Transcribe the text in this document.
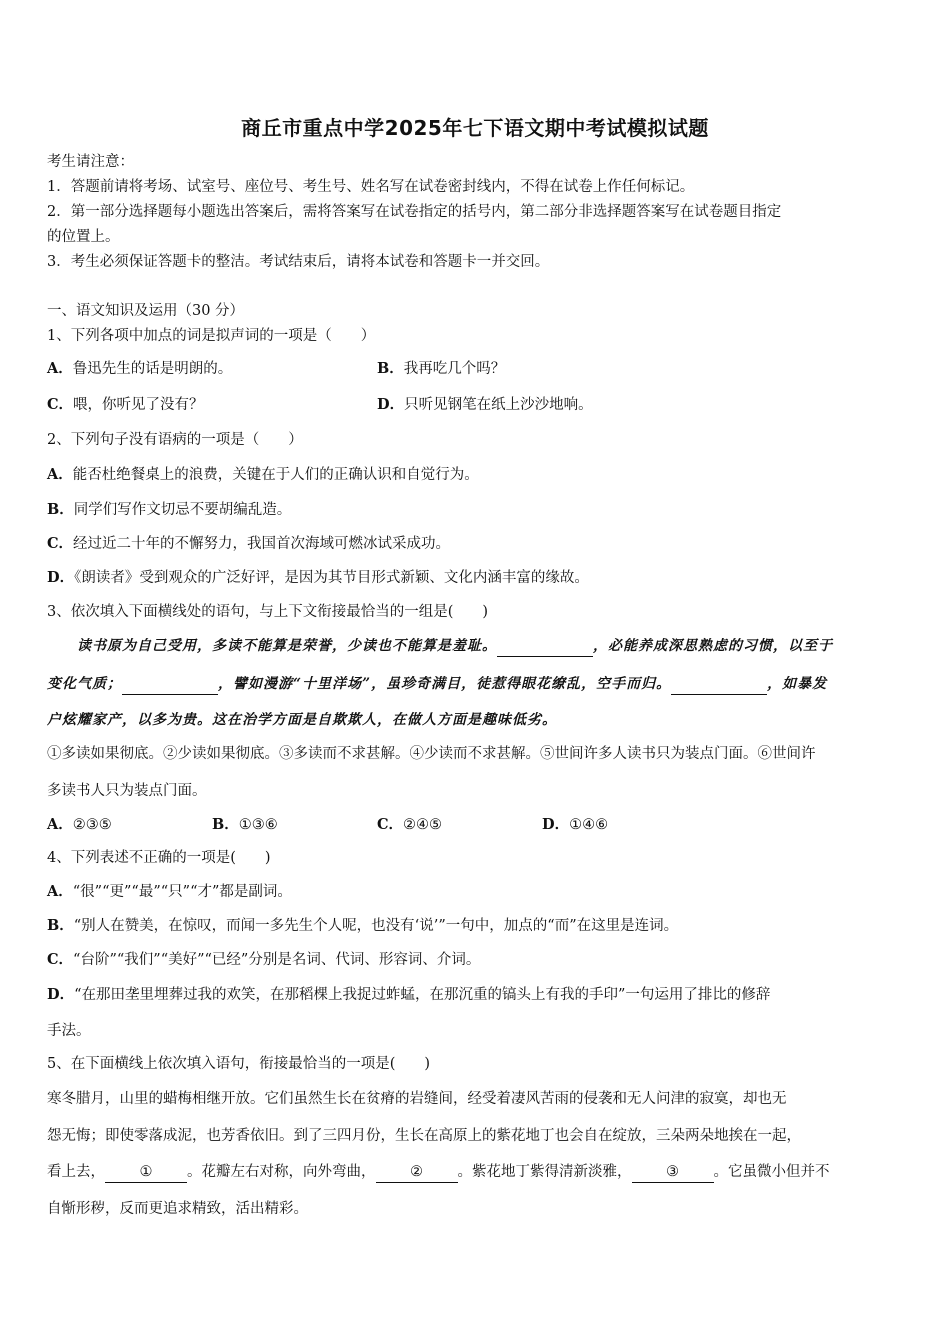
商丘市重点中学2025年七下语文期中考试模拟试题
考生请注意：
1．答题前请将考场、试室号、座位号、考生号、姓名写在试卷密封线内，不得在试卷上作任何标记。
2．第一部分选择题每小题选出答案后，需将答案写在试卷指定的括号内，第二部分非选择题答案写在试卷题目指定
的位置上。
3．考生必须保证答题卡的整洁。考试结束后，请将本试卷和答题卡一并交回。
一、语文知识及运用（30 分）
1、下列各项中加点的词是拟声词的一项是（　　）
A．鲁迅先生的话是明朗的。	B．我再吃几个吗？
C．喂，你听见了没有？	D．只听见钢笔在纸上沙沙地响。
2、下列句子没有语病的一项是（　　）
A．能否杜绝餐桌上的浪费，关键在于人们的正确认识和自觉行为。
B．同学们写作文切忌不要胡编乱造。
C．经过近二十年的不懈努力，我国首次海域可燃冰试采成功。
D．《朗读者》受到观众的广泛好评，是因为其节目形式新颖、文化内涵丰富的缘故。
3、依次填入下面横线处的语句，与上下文衔接最恰当的一组是(　　)
读书原为自己受用，多读不能算是荣誉，少读也不能算是羞耻。	，必能养成深思熟虑的习惯，以至于
变化气质；	，譬如漫游“十里洋场”，虽珍奇满目，徒惹得眼花缭乱，空手而归。	，如暴发
户炫耀家产，以多为贵。这在治学方面是自欺欺人，在做人方面是趣味低劣。
①多读如果彻底。②少读如果彻底。③多读而不求甚解。④少读而不求甚解。⑤世间许多人读书只为装点门面。⑥世间许
多读书人只为装点门面。
A．②③⑤	B．①③⑥	C．②④⑤	D．①④⑥
4、下列表述不正确的一项是(　　)
A．“很”“更”“最”“只”“才”都是副词。
B．“别人在赞美，在惊叹，而闻一多先生个人呢，也没有‘说’”一句中，加点的“而”在这里是连词。
C．“台阶”“我们”“美好”“已经”分别是名词、代词、形容词、介词。
D．“在那田垄里埋葬过我的欢笑，在那稻棵上我捉过蚱蜢，在那沉重的镐头上有我的手印”一句运用了排比的修辞
手法。
5、在下面横线上依次填入语句，衔接最恰当的一项是(　　)
寒冬腊月，山里的蜡梅相继开放。它们虽然生长在贫瘠的岩缝间，经受着凄风苦雨的侵袭和无人问津的寂寞，却也无
怨无悔；即使零落成泥，也芳香依旧。到了三四月份，生长在高原上的紫花地丁也会自在绽放，三朵两朵地挨在一起，
看上去， ① 。花瓣左右对称，向外弯曲， ② 。紫花地丁紫得清新淡雅， ③ 。它虽微小但并不
自惭形秽，反而更追求精致，活出精彩。
